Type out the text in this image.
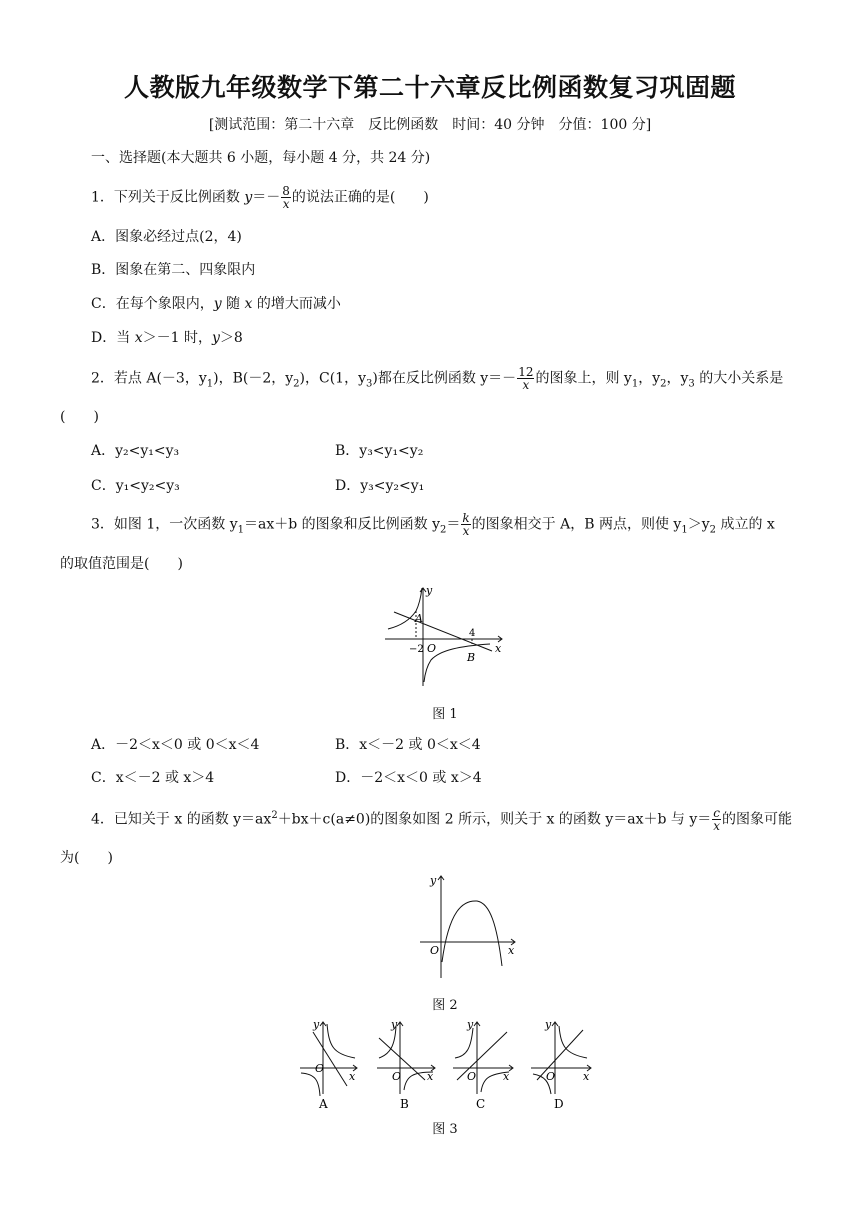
人教版九年级数学下第二十六章反比例函数复习巩固题
[测试范围：第二十六章　反比例函数　时间：40 分钟　分值：100 分]
一、选择题(本大题共 6 小题，每小题 4 分，共 24 分)
1．下列关于反比例函数 $y=- \frac{8}{x}$ 的说法正确的是(　　)
A．图象必经过点(2，4)
B．图象在第二、四象限内
C．在每个象限内，y 随 x 的增大而减小
D．当 x＞－1 时，y＞8
2．若点 A(－3，$y_1$)，B(－2，$y_2$)，C(1，$y_3$)都在反比例函数 $y=- \frac{12}{x}$ 的图象上，则 $y_1$，$y_2$，$y_3$ 的大小关系是
(　　)
A．y₂<y₁<y₃	B．y₃<y₁<y₂
C．y₁<y₂<y₃	D．y₃<y₂<y₁
3．如图 1，一次函数 $y_1=ax+b$ 的图象和反比例函数 $y_2= \frac{k}{x}$ 的图象相交于 A，B 两点，则使 $y_1>y_2$ 成立的 x
的取值范围是(　　)
y
x
O
A
B
−2
4
图 1
A．－2＜x＜0 或 0＜x＜4	B．x＜－2 或 0＜x＜4
C．x＜－2 或 x＞4	D．－2＜x＜0 或 x＞4
4．已知关于 x 的函数 $y=ax^2+bx+c(a\ne 0)$的图象如图 2 所示，则关于 x 的函数 y＝ax＋b 与 $y= \frac{c}{x}$ 的图象可能
为(　　)
y
x
O
图 2
y
O
x
y
O x
y
O x
y
O	x
A	B	C	D
图 3
